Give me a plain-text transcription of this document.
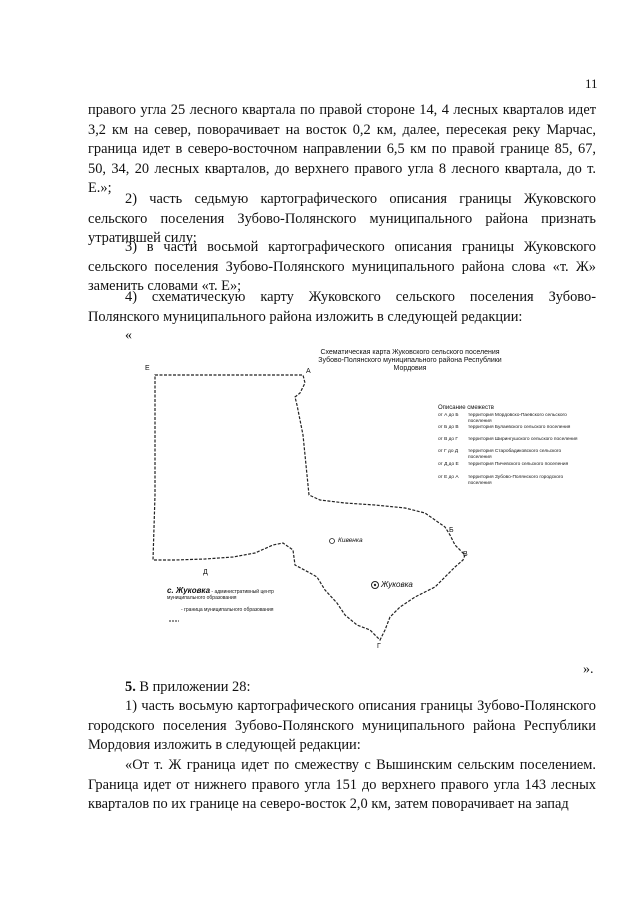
11
правого угла 25 лесного квартала по правой стороне 14, 4 лесных кварталов идет 3,2 км на север, поворачивает на восток 0,2 км, далее, пересекая реку Марчас, граница идет в северо-восточном направлении 6,5 км по правой границе 85, 67, 50, 34, 20 лесных кварталов, до верхнего правого угла 8 лесного квартала, до т. Е.»;
2) часть седьмую картографического описания границы Жуковского сельского поселения Зубово-Полянского муниципального района признать утратившей силу;
3) в части восьмой картографического описания границы Жуковского сельского поселения Зубово-Полянского муниципального района слова «т. Ж» заменить словами «т. Е»;
4) схематическую карту Жуковского сельского поселения Зубово-Полянского муниципального района изложить в следующей редакции:
«
Схематическая карта Жуковского сельского поселения Зубово-Полянского муниципального района Республики Мордовия
Описание смежеств
от А до Б	территория Мордовско-Паевского сельского поселения
от Б до В	территория Булаевского сельского поселения
от В до Г	территория Ширингушского сельского поселения
от Г до Д	территория Старобадиковского сельского поселения
от Д до Е	территория Пичевского сельского поселения
от Е до А	территория Зубово-Полянского городского поселения
Е	А
Б
В
Г
Д
Кивенка
Жуковка
с. Жуковка - административный центр муниципального образования
- граница муниципального образования
».
5. В приложении 28:
1) часть восьмую картографического описания границы Зубово-Полянского городского поселения Зубово-Полянского муниципального района Республики Мордовия изложить в следующей редакции:
«От т. Ж граница идет по смежеству с Вышинским сельским поселением. Граница идет от нижнего правого угла 151 до верхнего правого угла 143 лесных кварталов по их границе на северо-восток 2,0 км, затем поворачивает на запад
